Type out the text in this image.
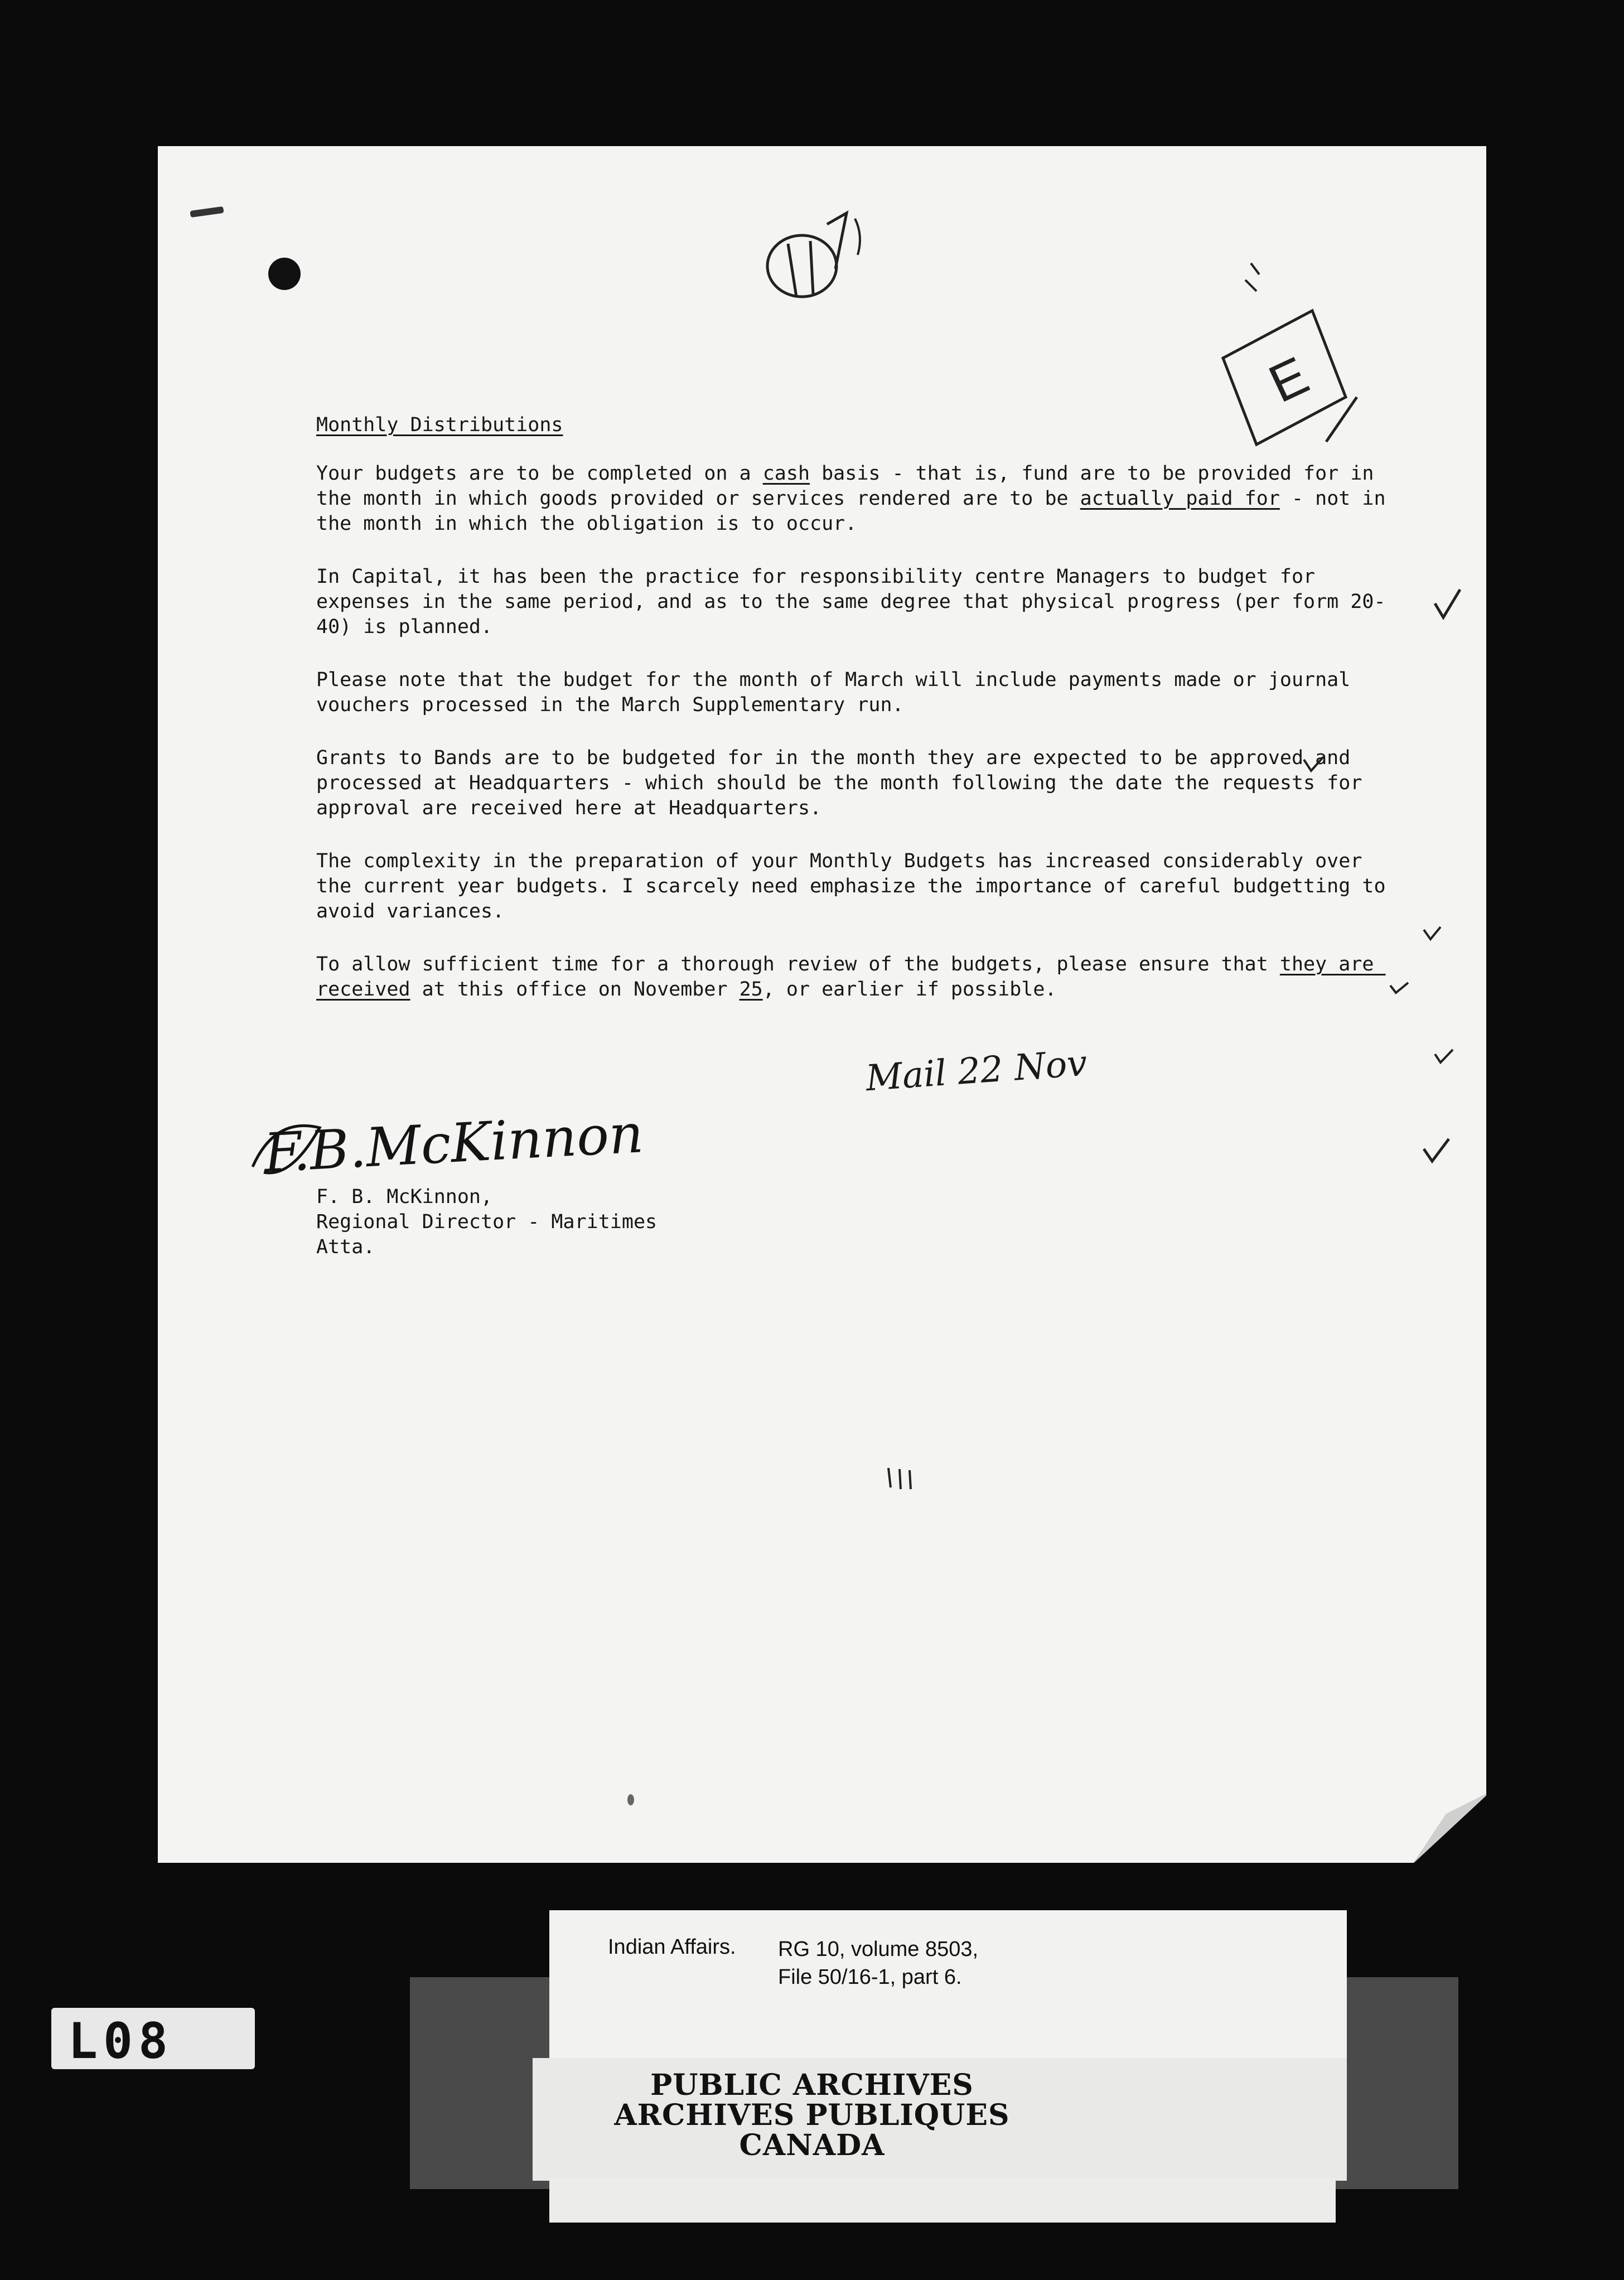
L08
E

Monthly Distributions

Your budgets are to be completed on a cash basis - that is, fund are to be provided for in the month in which goods provided or services rendered are to be actually paid for - not in the month in which the obligation is to occur.

In Capital, it has been the practice for responsibility centre Managers to budget for expenses in the same period, and as to the same degree that physical progress (per form 20-40) is planned.

Please note that the budget for the month of March will include payments made or journal vouchers processed in the March Supplementary run.

Grants to Bands are to be budgeted for in the month they are expected to be approved and processed at Headquarters - which should be the month following the date the requests for approval are received here at Headquarters.

The complexity in the preparation of your Monthly Budgets has increased considerably over the current year budgets. I scarcely need emphasize the importance of careful budgetting to avoid variances.

To allow sufficient time for a thorough review of the budgets, please ensure that they are received at this office on November 25, or earlier if possible.

Mail 22 Nov
F.B.McKinnon
F. B. McKinnon,
Regional Director - Maritimes
Atta.
Indian Affairs. RG 10, volume 8503,
File 50/16-1, part 6.
PUBLIC ARCHIVES
ARCHIVES PUBLIQUES
CANADA
